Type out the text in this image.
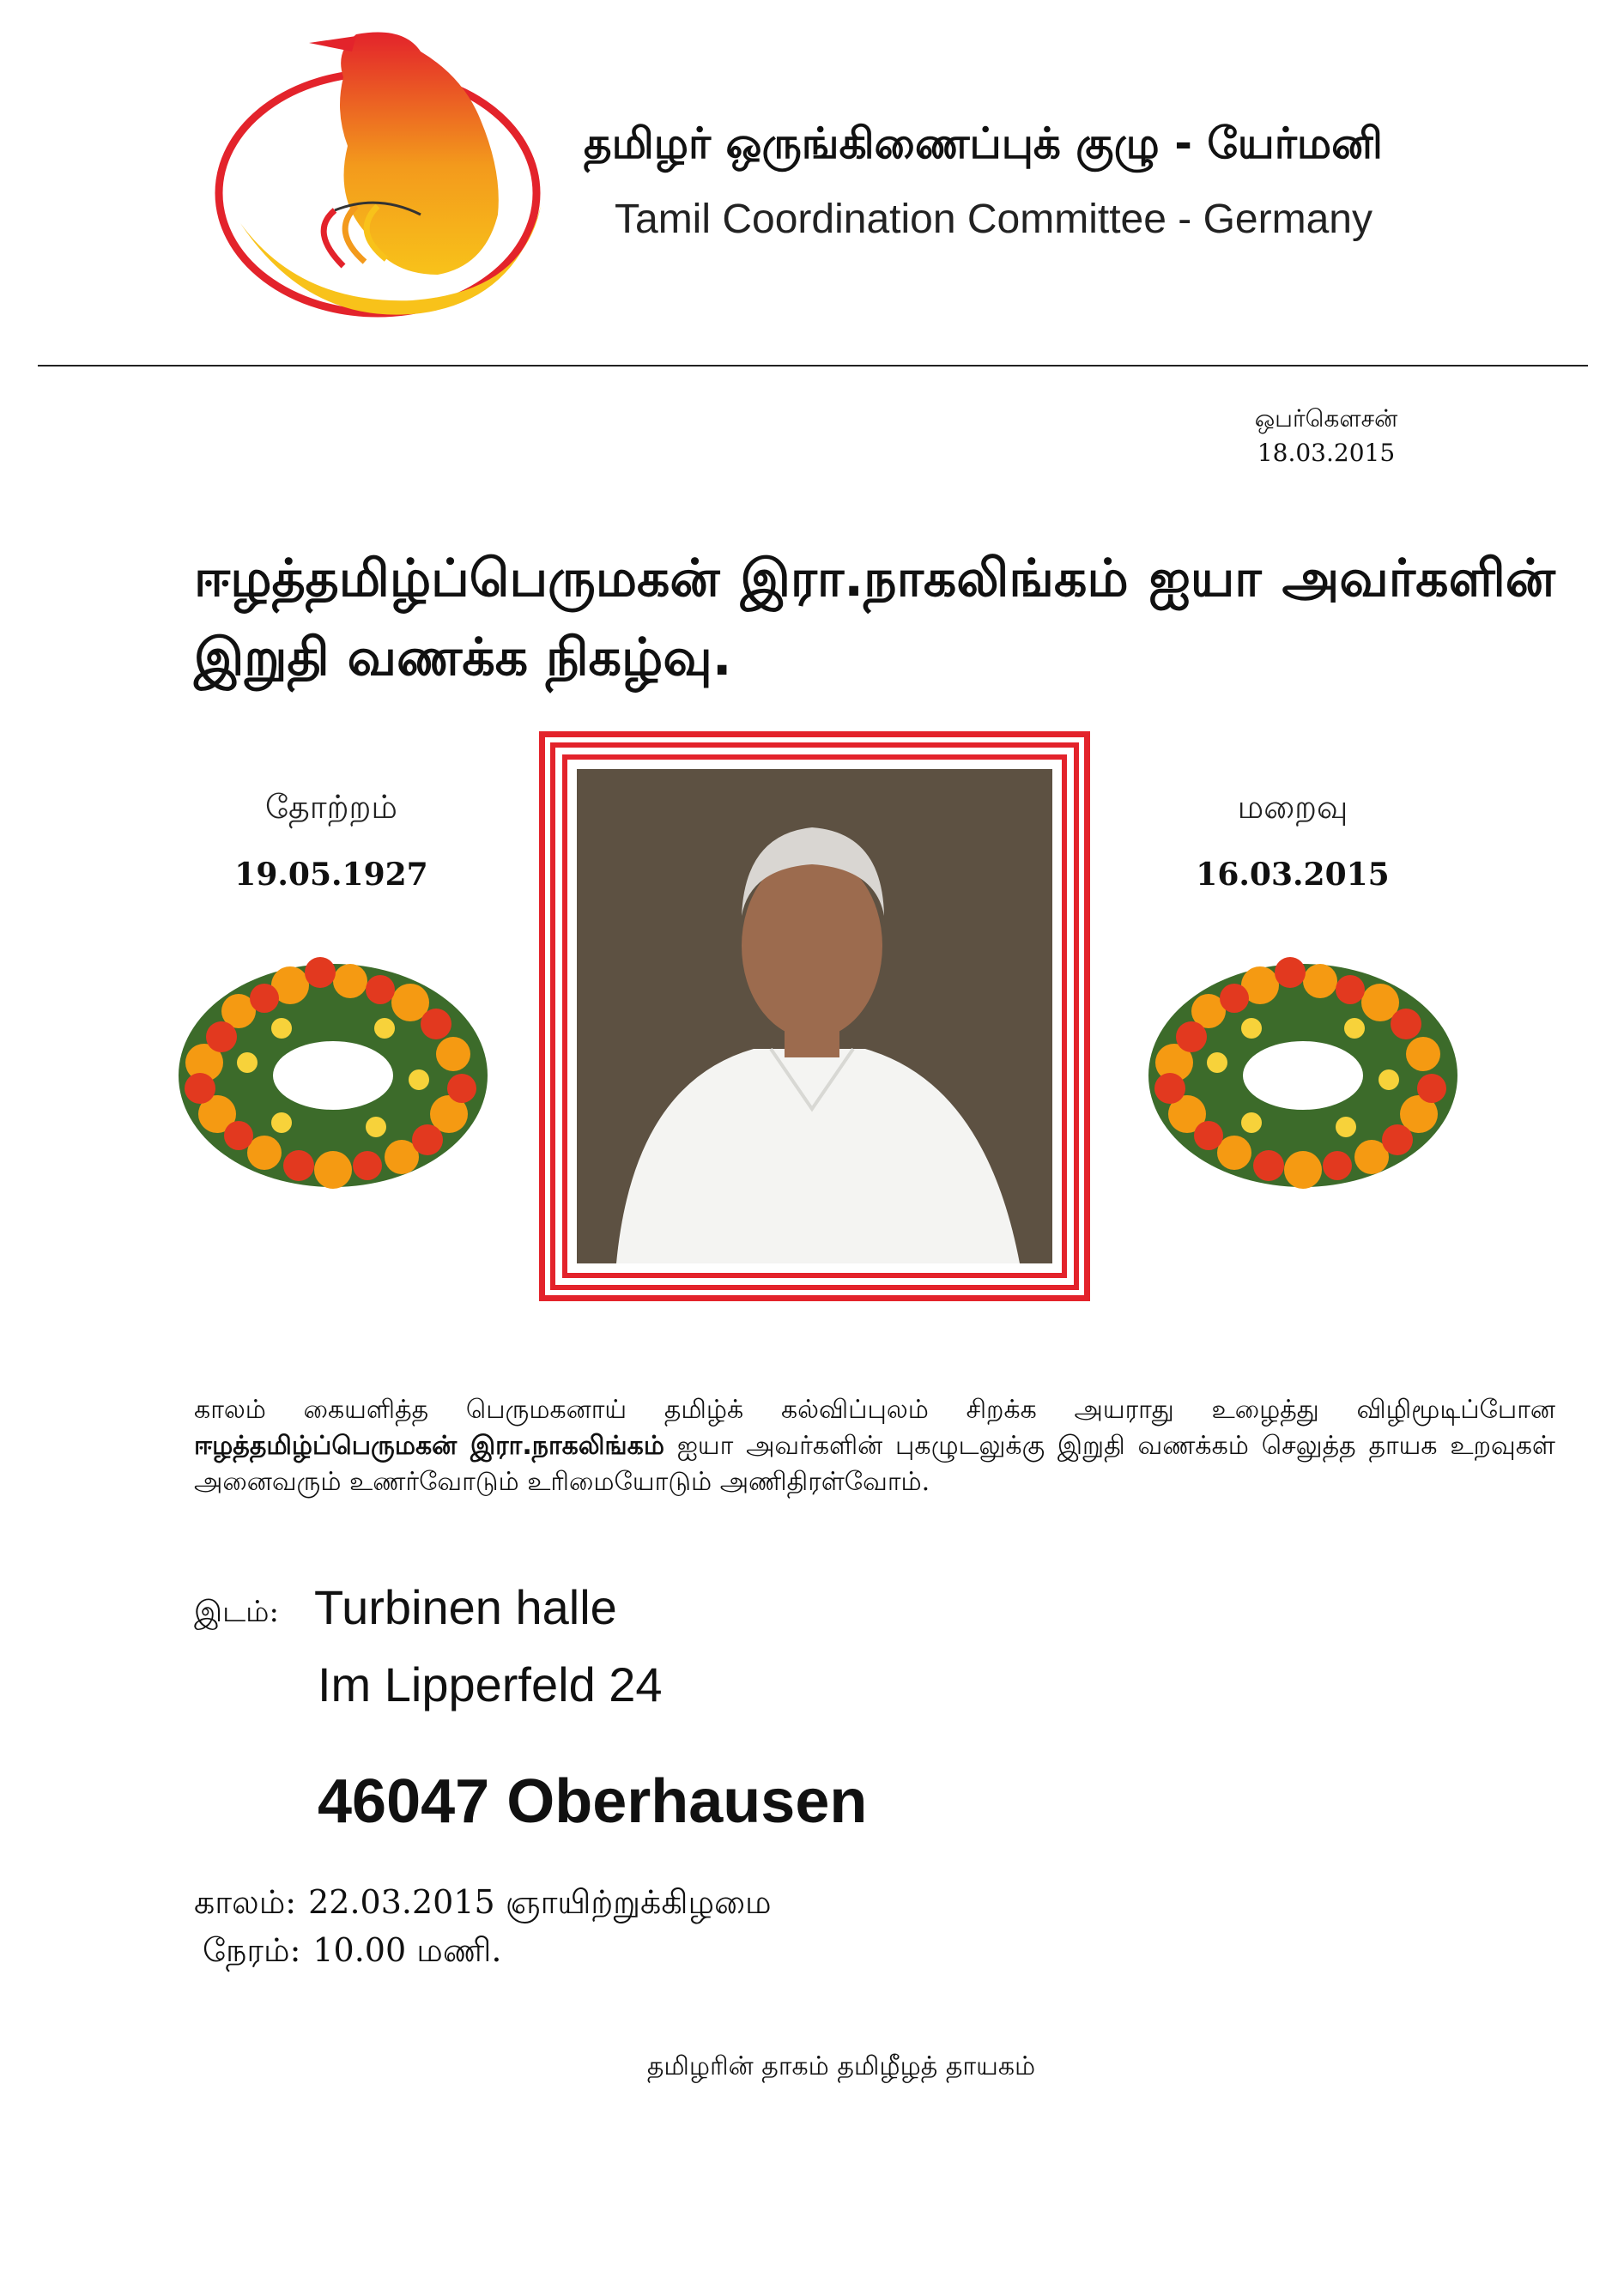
தமிழர் ஒருங்கிணைப்புக் குழு - யேர்மனி
Tamil Coordination Committee - Germany
ஒபர்கௌசன்
18.03.2015
ஈழத்தமிழ்ப்பெருமகன் இரா.நாகலிங்கம் ஐயா அவர்களின் இறுதி வணக்க நிகழ்வு.
தோற்றம்
19.05.1927
மறைவு
16.03.2015
காலம் கையளித்த பெருமகனாய் தமிழ்க் கல்விப்புலம் சிறக்க அயராது உழைத்து விழிமூடிப்போன ஈழத்தமிழ்ப்பெருமகன் இரா.நாகலிங்கம் ஐயா அவர்களின் புகழுடலுக்கு இறுதி வணக்கம் செலுத்த தாயக உறவுகள் அனைவரும் உணர்வோடும் உரிமையோடும் அணிதிரள்வோம்.
இடம்: Turbinen halle
Im Lipperfeld 24
46047 Oberhausen
காலம்: 22.03.2015 ஞாயிற்றுக்கிழமை
நேரம்: 10.00 மணி.
தமிழரின் தாகம் தமிழீழத் தாயகம்
